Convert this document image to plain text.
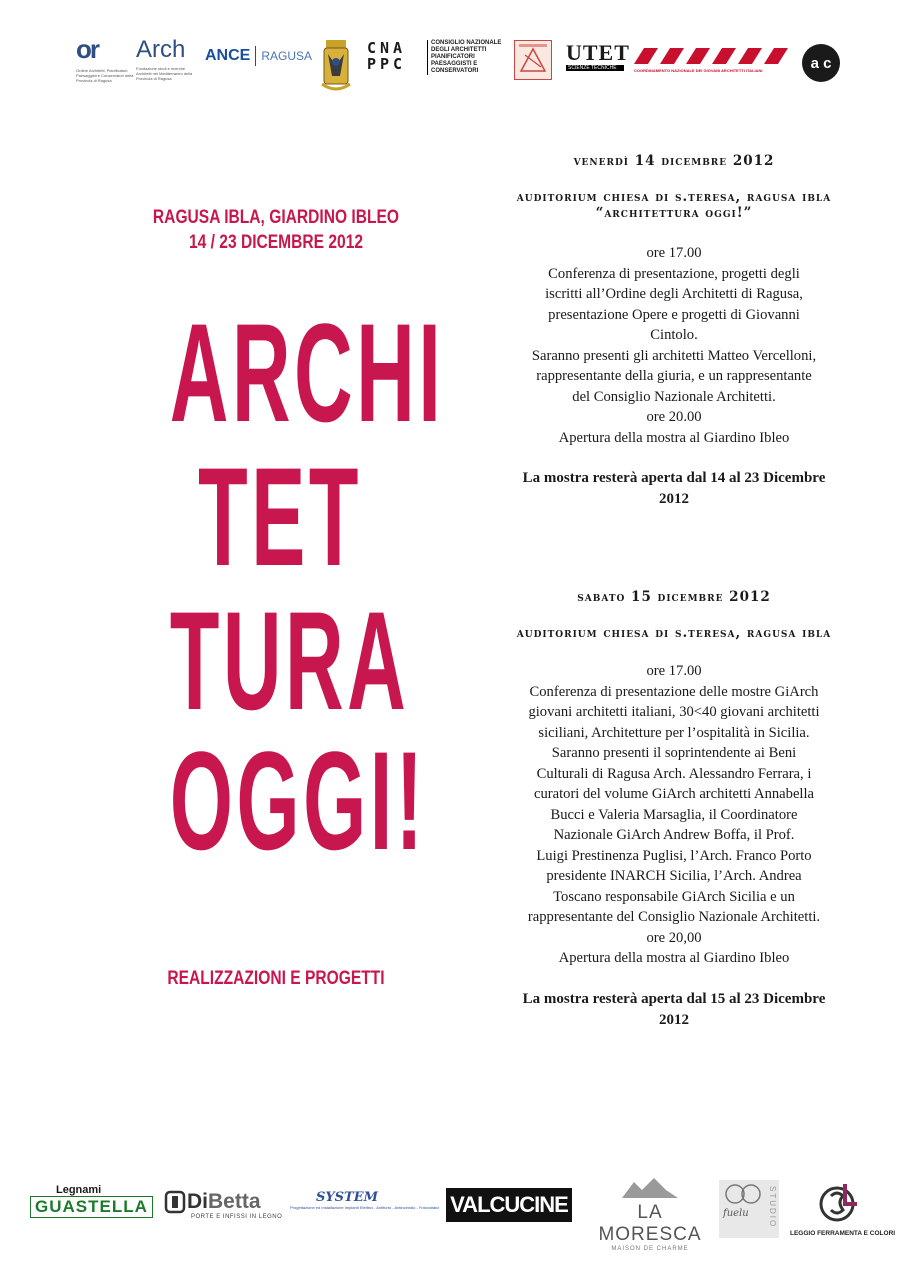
or
Ordine Architetti, Pianificatori, Paesaggisti e Conservatori della Provincia di Ragusa
Arch
Fondazione studi e ricerche Architetti nel Mediterraneo della Provincia di Ragusa
ANCE RAGUSA	CNA
PPC
CONSIGLIO NAZIONALE DEGLI ARCHITETTI PIANIFICATORI PAESAGGISTI E CONSERVATORI
UTET
SCIENZE TECNICHE	COORDINAMENTO NAZIONALE DEI GIOVANI ARCHITETTI ITALIANI	a c
RAGUSA IBLA, GIARDINO IBLEO
14 / 23 DICEMBRE 2012
ARCHI
TET
TURA
OGGI!
REALIZZAZIONI E PROGETTI
venerdì 14 dicembre 2012
auditorium chiesa di s.teresa, ragusa ibla
“architettura oggi!”
ore 17.00
Conferenza di presentazione, progetti degli
iscritti all’Ordine degli Architetti di Ragusa,
presentazione Opere e progetti di Giovanni
Cintolo.
Saranno presenti gli architetti Matteo Vercelloni,
rappresentante della giuria, e un rappresentante
del Consiglio Nazionale Architetti.
ore 20.00
Apertura della mostra al Giardino Ibleo
La mostra resterà aperta dal 14 al 23 Dicembre
2012
sabato 15 dicembre 2012
auditorium chiesa di s.teresa, ragusa ibla
ore 17.00
Conferenza di presentazione delle mostre GiArch
giovani architetti italiani, 30<40 giovani architetti
siciliani, Architetture per l’ospitalità in Sicilia.
Saranno presenti il soprintendente ai Beni
Culturali di Ragusa Arch. Alessandro Ferrara, i
curatori del volume GiArch architetti Annabella
Bucci e Valeria Marsaglia, il Coordinatore
Nazionale GiArch Andrew Boffa, il Prof.
Luigi Prestinenza Puglisi, l’Arch. Franco Porto
presidente INARCH Sicilia, l’Arch. Andrea
Toscano responsabile GiArch Sicilia e un
rappresentante del Consiglio Nazionale Architetti.
ore 20,00
Apertura della mostra al Giardino Ibleo
La mostra resterà aperta dal 15 al 23 Dicembre
2012
Legnami
GUASTELLA	DiBetta
PORTE E INFISSI IN LEGNO
SYSTEM
Progettazione ed Installazione Impianti Elettrici - Antifurto - Antincendio - Fotovoltaici VALCUCINE ✖
LA MORESCA
MAISON DE CHARME
fuelu STUDIO
LEGGIO FERRAMENTA E COLORI
